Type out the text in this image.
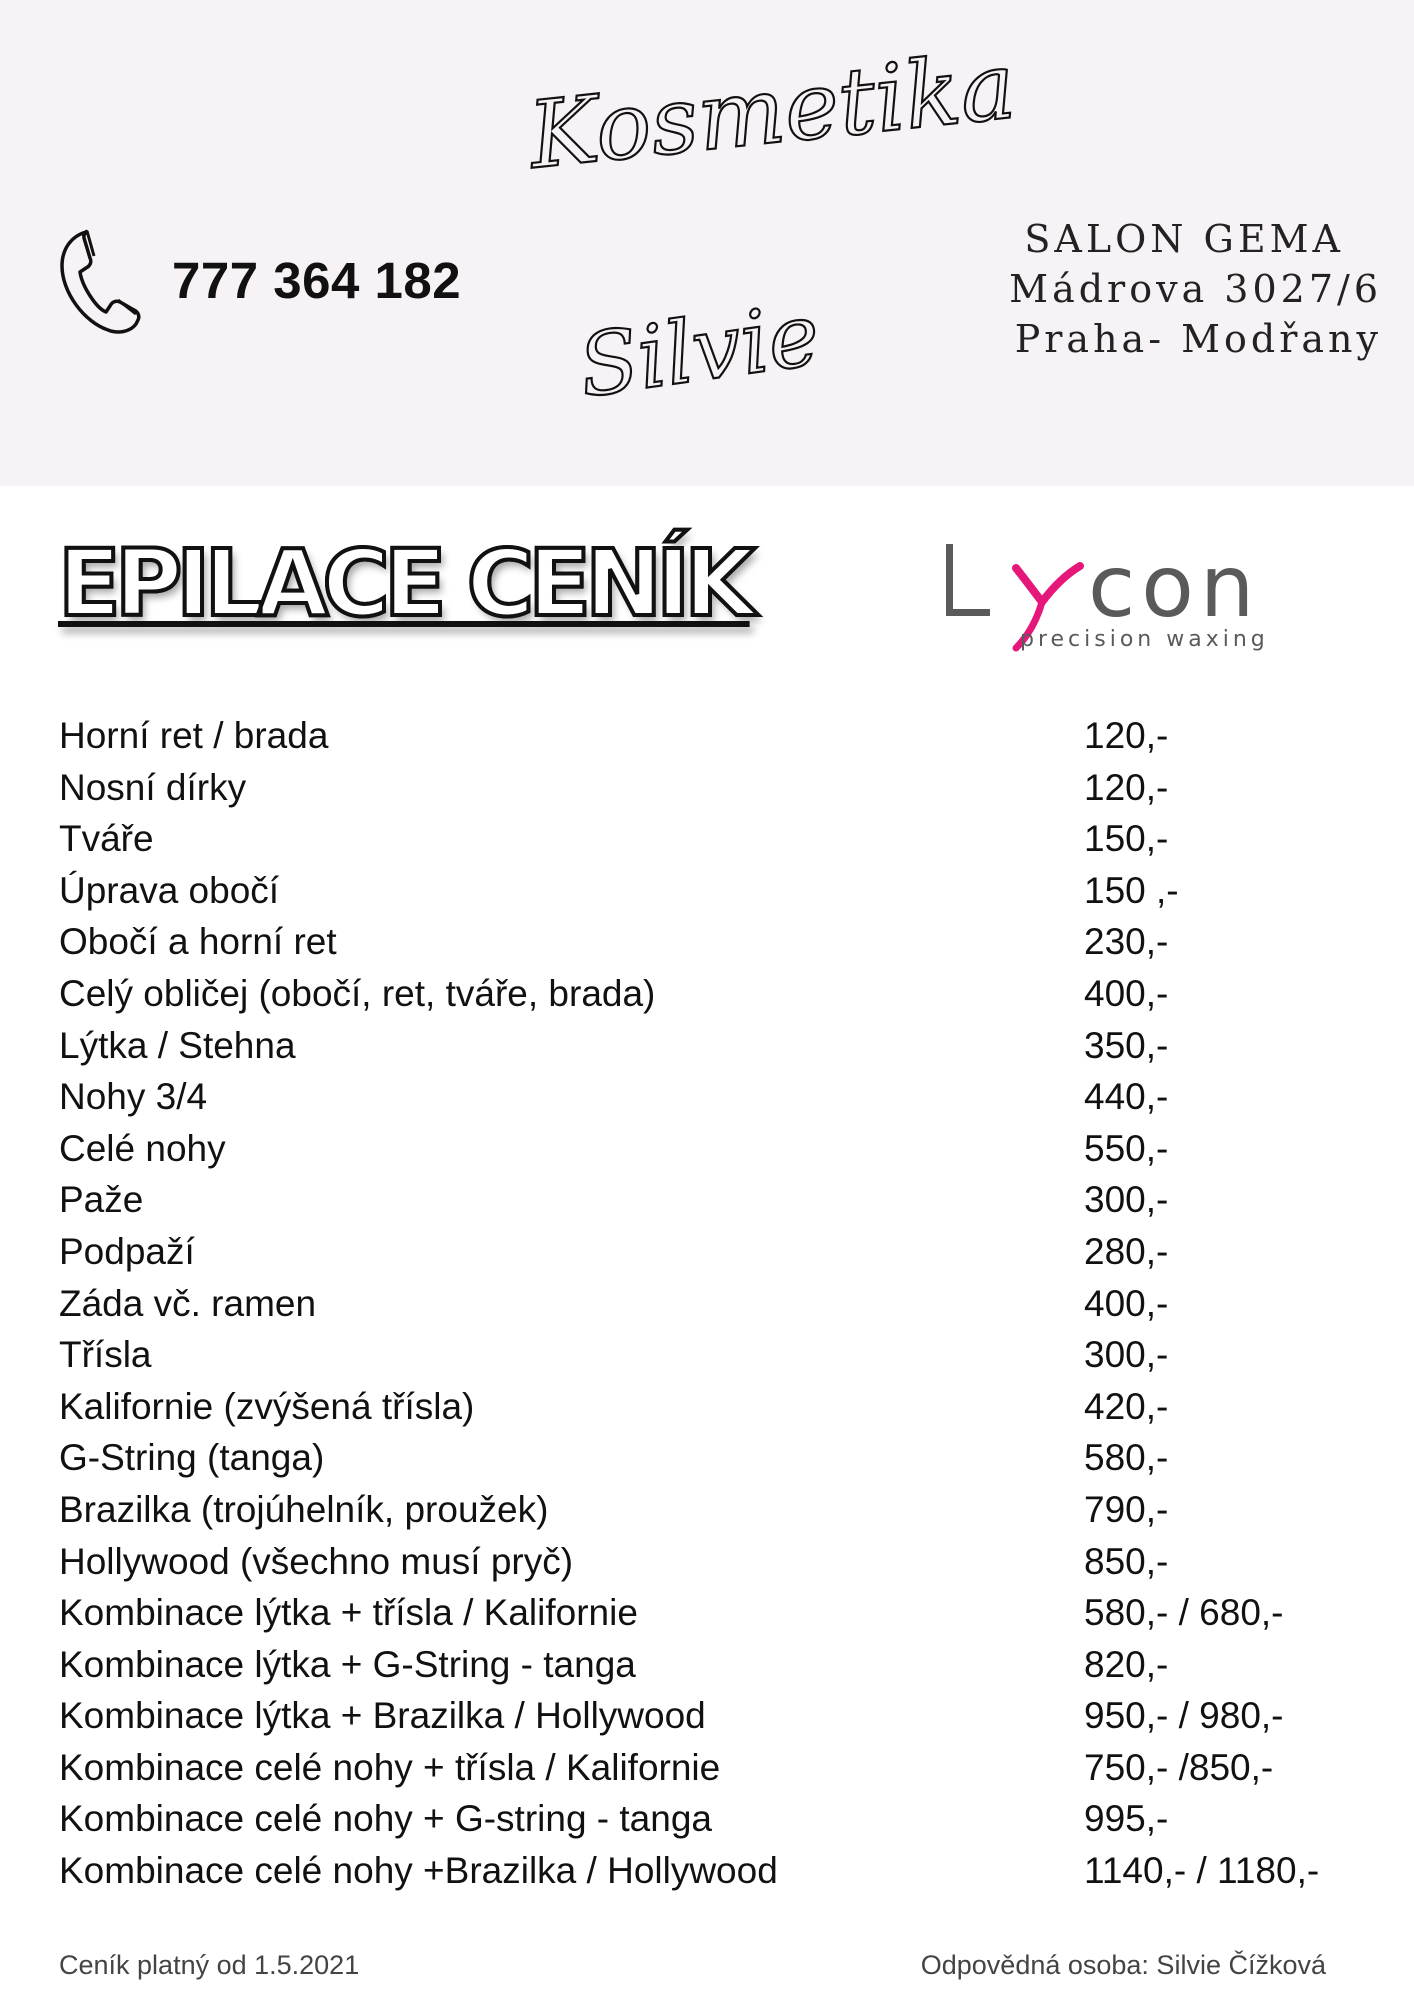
777 364 182
Kosmetika
Silvie
SALON GEMA
Mádrova 3027/6
Praha- Modřany
EPILACE CENÍK	con
precision waxing
Horní ret / brada	120,-
Nosní dírky	120,-
Tváře	150,-
Úprava obočí	150 ,-
Obočí a horní ret	230,-
Celý obličej (obočí, ret, tváře, brada)	400,-
Lýtka / Stehna	350,-
Nohy 3/4	440,-
Celé nohy	550,-
Paže	300,-
Podpaží	280,-
Záda vč. ramen	400,-
Třísla	300,-
Kalifornie (zvýšená třísla)	420,-
G-String (tanga)	580,-
Brazilka (trojúhelník, proužek)	790,-
Hollywood (všechno musí pryč)	850,-
Kombinace lýtka + třísla / Kalifornie	580,- / 680,-
Kombinace lýtka + G-String - tanga	820,-
Kombinace lýtka + Brazilka / Hollywood	950,- / 980,-
Kombinace celé nohy + třísla / Kalifornie	750,- /850,-
Kombinace celé nohy + G-string - tanga	995,-
Kombinace celé nohy +Brazilka / Hollywood	1140,- / 1180,-
Ceník platný od 1.5.2021	Odpovědná osoba: Silvie Čížková
